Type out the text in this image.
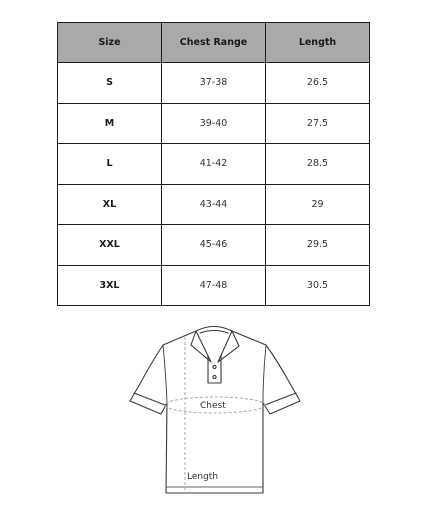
Size	Chest Range	Length
S	37-38	26.5
M	39-40	27.5
L	41-42	28.5
XL	43-44	29
XXL	45-46	29.5
3XL	47-48	30.5
Chest
Length
